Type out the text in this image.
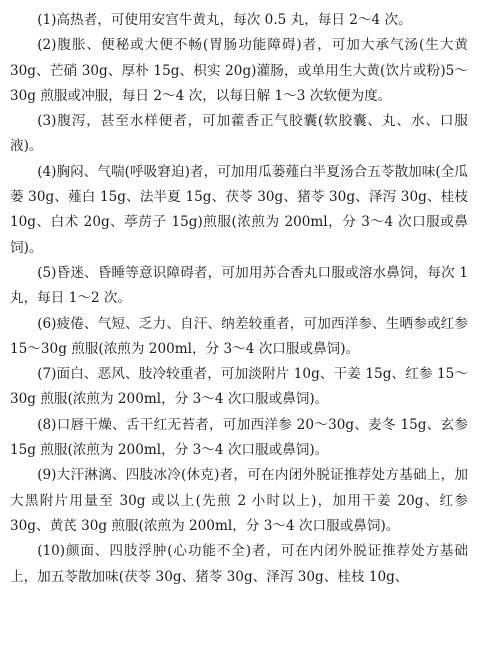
(1)高热者，可使用安宫牛黄丸，每次 0.5 丸，每日 2～4 次。

(2)腹胀、便秘或大便不畅(胃肠功能障碍)者，可加大承气汤(生大黄 30g、芒硝 30g、厚朴 15g、枳实 20g)灌肠，或单用生大黄(饮片或粉)5～30g 煎服或冲服，每日 2～4 次，以每日解 1～3 次软便为度。

(3)腹泻，甚至水样便者，可加藿香正气胶囊(软胶囊、丸、水、口服液)。

(4)胸闷、气喘(呼吸窘迫)者，可加用瓜蒌薤白半夏汤合五苓散加味(全瓜蒌 30g、薤白 15g、法半夏 15g、茯苓 30g、猪苓 30g、泽泻 30g、桂枝 10g、白术 20g、葶苈子 15g)煎服(浓煎为 200ml，分 3～4 次口服或鼻饲)。

(5)昏迷、昏睡等意识障碍者，可加用苏合香丸口服或溶水鼻饲，每次 1 丸，每日 1～2 次。

(6)疲倦、气短、乏力、自汗、纳差较重者，可加西洋参、生晒参或红参 15～30g 煎服(浓煎为 200ml，分 3～4 次口服或鼻饲)。

(7)面白、恶风、肢冷较重者，可加淡附片 10g、干姜 15g、红参 15～30g 煎服(浓煎为 200ml，分 3～4 次口服或鼻饲)。

(8)口唇干燥、舌干红无苔者，可加西洋参 20～30g、麦冬 15g、玄参 15g 煎服(浓煎为 200ml，分 3～4 次口服或鼻饲)。

(9)大汗淋漓、四肢冰冷(休克)者，可在内闭外脱证推荐处方基础上，加大黑附片用量至 30g 或以上(先煎 2 小时以上)，加用干姜 20g、红参 30g、黄芪 30g 煎服(浓煎为 200ml，分 3～4 次口服或鼻饲)。

(10)颜面、四肢浮肿(心功能不全)者，可在内闭外脱证推荐处方基础上，加五苓散加味(茯苓 30g、猪苓 30g、泽泻 30g、桂枝 10g、
